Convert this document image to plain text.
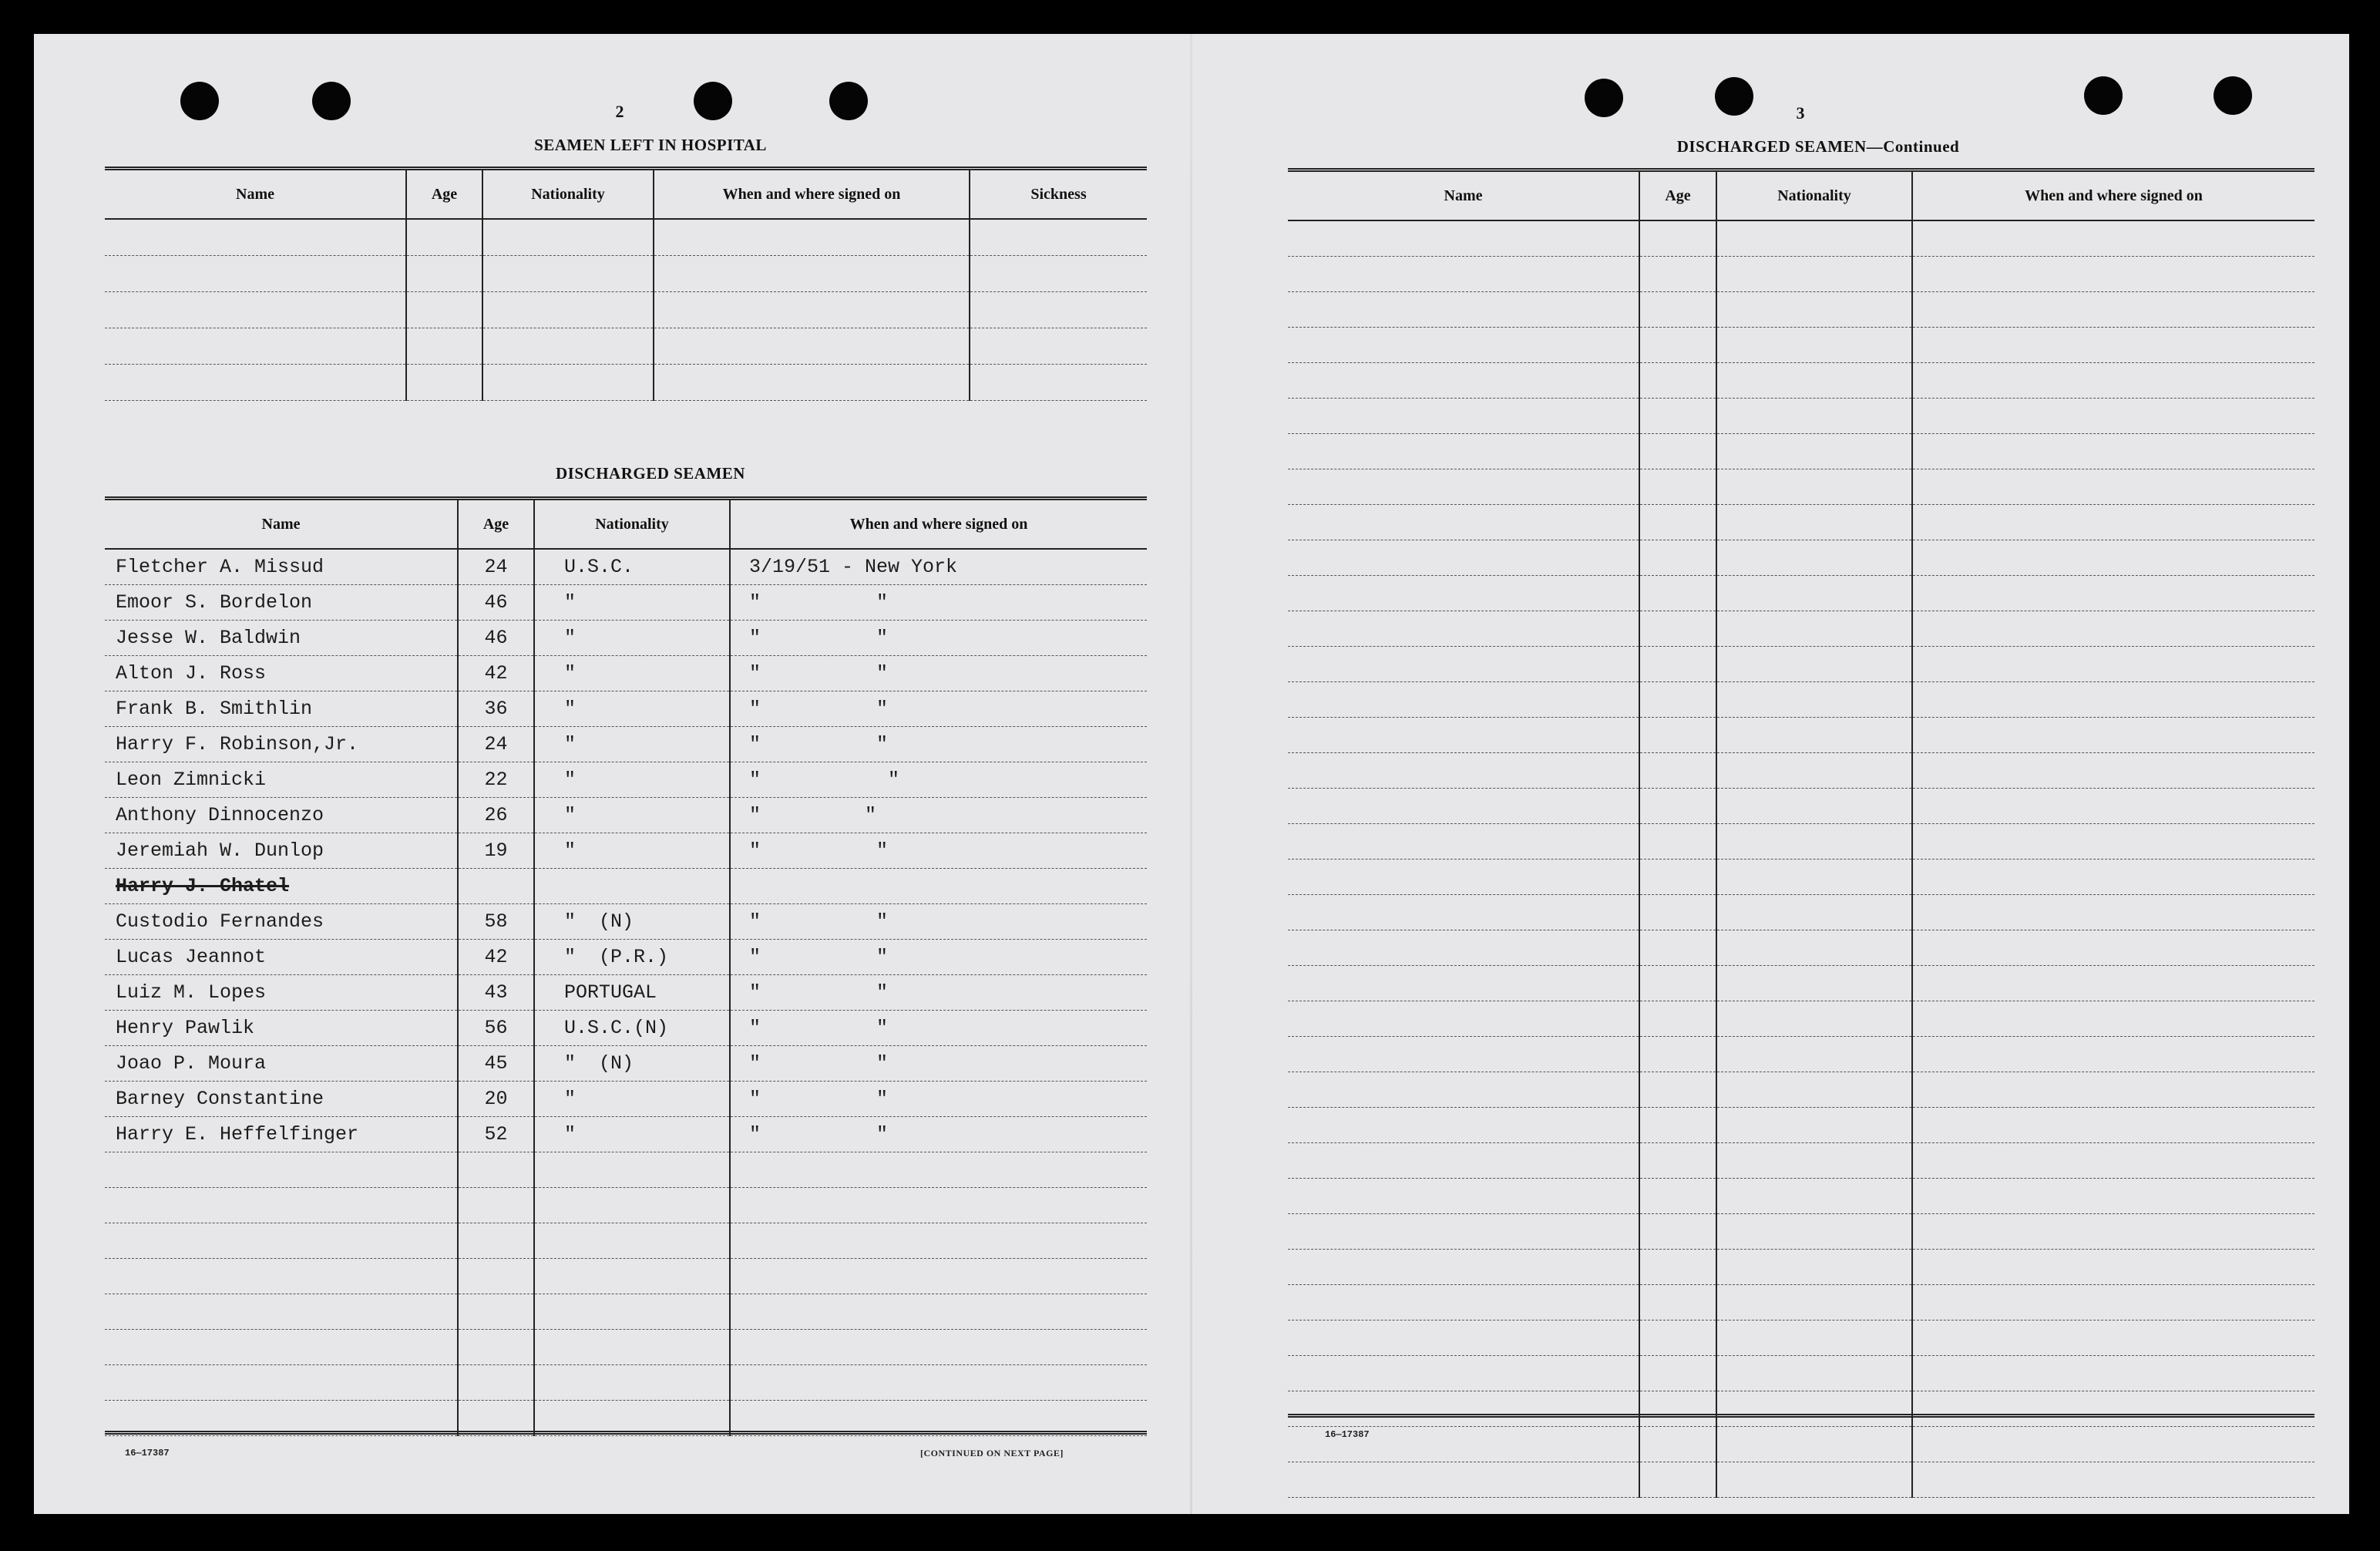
2
SEAMEN LEFT IN HOSPITAL
Name	Age	Nationality	When and where signed on	Sickness

DISCHARGED SEAMEN
Name	Age	Nationality	When and where signed on
Fletcher A. Missud	24	U.S.C.	3/19/51 - New York
Emoor S. Bordelon	46	"	"          "
Jesse W. Baldwin	46	"	"          "
Alton J. Ross	42	"	"          "
Frank B. Smithlin	36	"	"          "
Harry F. Robinson,Jr.	24	"	"          "
Leon Zimnicki	22	"	"           "
Anthony Dinnocenzo	26	"	"         "
Jeremiah W. Dunlop	19	"	"          "
Harry J. Chatel			
Custodio Fernandes	58	"  (N)	"          "
Lucas Jeannot	42	"  (P.R.)	"          "
Luiz M. Lopes	43	PORTUGAL	"          "
Henry Pawlik	56	U.S.C.(N)	"          "
Joao P. Moura	45	"  (N)	"          "
Barney Constantine	20	"	"          "
Harry E. Heffelfinger	52	"	"          "

16—17387	[CONTINUED ON NEXT PAGE]
3
DISCHARGED SEAMEN—Continued
Name	Age	Nationality	When and where signed on

16—17387
